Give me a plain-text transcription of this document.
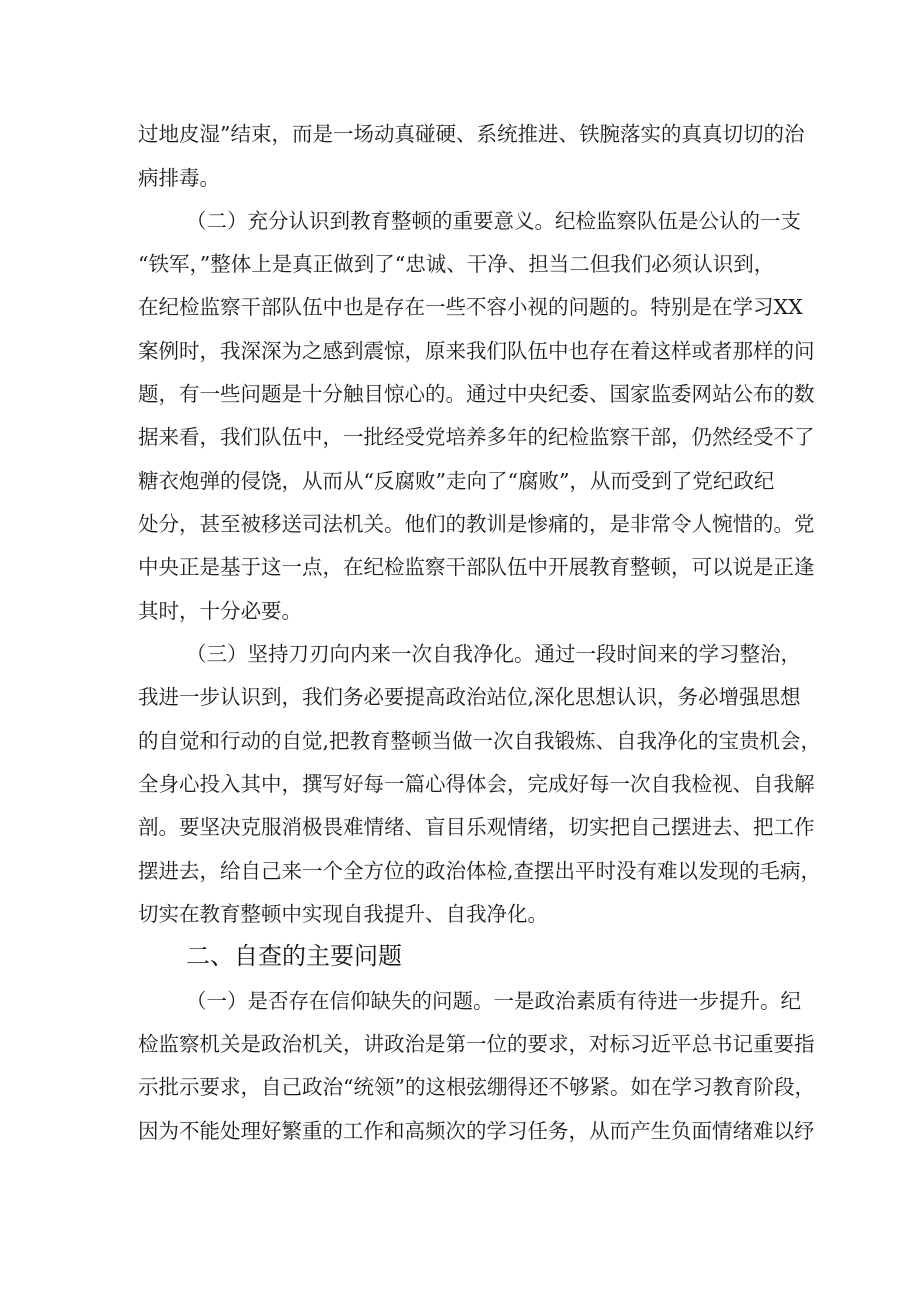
过地皮湿”结束，而是一场动真碰硬、系统推进、铁腕落实的真真切切的治

病排毒。

（二）充分认识到教育整顿的重要意义。纪检监察队伍是公认的一支

“铁军，”整体上是真正做到了“忠诚、干净、担当二但我们必须认识到，

在纪检监察干部队伍中也是存在一些不容小视的问题的。特别是在学习XX

案例时，我深深为之感到震惊，原来我们队伍中也存在着这样或者那样的问

题，有一些问题是十分触目惊心的。通过中央纪委、国家监委网站公布的数

据来看，我们队伍中，一批经受党培养多年的纪检监察干部，仍然经受不了

糖衣炮弹的侵饶，从而从“反腐败”走向了“腐败”，从而受到了党纪政纪

处分，甚至被移送司法机关。他们的教训是惨痛的，是非常令人惋惜的。党

中央正是基于这一点，在纪检监察干部队伍中开展教育整顿，可以说是正逢

其时，十分必要。

（三）坚持刀刃向内来一次自我净化。通过一段时间来的学习整治，

我进一步认识到，我们务必要提高政治站位,深化思想认识，务必增强思想

的自觉和行动的自觉,把教育整顿当做一次自我锻炼、自我净化的宝贵机会，

全身心投入其中，撰写好每一篇心得体会，完成好每一次自我检视、自我解

剖。要坚决克服消极畏难情绪、盲目乐观情绪，切实把自己摆进去、把工作

摆进去，给自己来一个全方位的政治体检,查摆出平时没有难以发现的毛病，

切实在教育整顿中实现自我提升、自我净化。

二、自查的主要问题

（一）是否存在信仰缺失的问题。一是政治素质有待进一步提升。纪

检监察机关是政治机关，讲政治是第一位的要求，对标习近平总书记重要指

示批示要求，自己政治“统领”的这根弦绷得还不够紧。如在学习教育阶段，

因为不能处理好繁重的工作和高频次的学习任务，从而产生负面情绪难以纾
